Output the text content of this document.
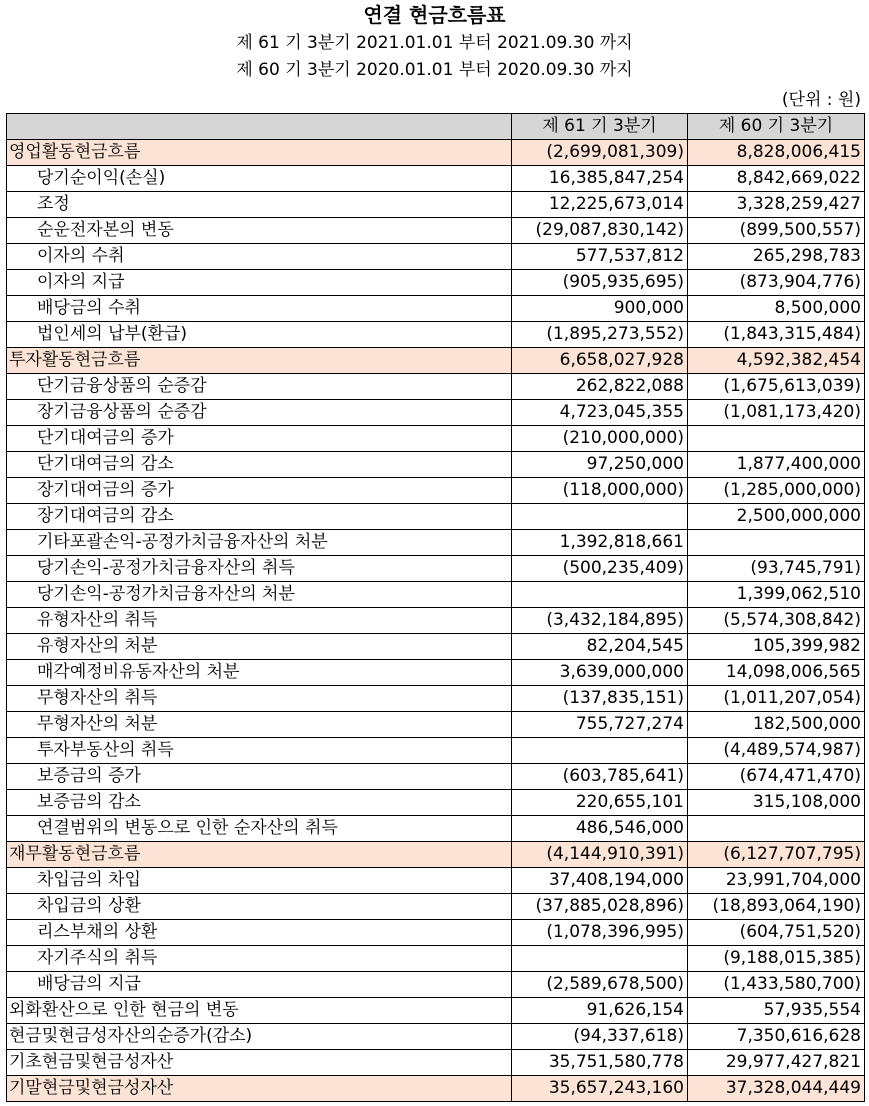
연결 현금흐름표
제 61 기 3분기 2021.01.01 부터 2021.09.30 까지
제 60 기 3분기 2020.01.01 부터 2020.09.30 까지
(단위 : 원)
	제 61 기 3분기	제 60 기 3분기
영업활동현금흐름	(2,699,081,309)	8,828,006,415
당기순이익(손실)	16,385,847,254	8,842,669,022
조정	12,225,673,014	3,328,259,427
순운전자본의 변동	(29,087,830,142)	(899,500,557)
이자의 수취	577,537,812	265,298,783
이자의 지급	(905,935,695)	(873,904,776)
배당금의 수취	900,000	8,500,000
법인세의 납부(환급)	(1,895,273,552)	(1,843,315,484)
투자활동현금흐름	6,658,027,928	4,592,382,454
단기금융상품의 순증감	262,822,088	(1,675,613,039)
장기금융상품의 순증감	4,723,045,355	(1,081,173,420)
단기대여금의 증가	(210,000,000)	
단기대여금의 감소	97,250,000	1,877,400,000
장기대여금의 증가	(118,000,000)	(1,285,000,000)
장기대여금의 감소		2,500,000,000
기타포괄손익-공정가치금융자산의 처분	1,392,818,661	
당기손익-공정가치금융자산의 취득	(500,235,409)	(93,745,791)
당기손익-공정가치금융자산의 처분		1,399,062,510
유형자산의 취득	(3,432,184,895)	(5,574,308,842)
유형자산의 처분	82,204,545	105,399,982
매각예정비유동자산의 처분	3,639,000,000	14,098,006,565
무형자산의 취득	(137,835,151)	(1,011,207,054)
무형자산의 처분	755,727,274	182,500,000
투자부동산의 취득		(4,489,574,987)
보증금의 증가	(603,785,641)	(674,471,470)
보증금의 감소	220,655,101	315,108,000
연결범위의 변동으로 인한 순자산의 취득	486,546,000	
재무활동현금흐름	(4,144,910,391)	(6,127,707,795)
차입금의 차입	37,408,194,000	23,991,704,000
차입금의 상환	(37,885,028,896)	(18,893,064,190)
리스부채의 상환	(1,078,396,995)	(604,751,520)
자기주식의 취득		(9,188,015,385)
배당금의 지급	(2,589,678,500)	(1,433,580,700)
외화환산으로 인한 현금의 변동	91,626,154	57,935,554
현금및현금성자산의순증가(감소)	(94,337,618)	7,350,616,628
기초현금및현금성자산	35,751,580,778	29,977,427,821
기말현금및현금성자산	35,657,243,160	37,328,044,449
